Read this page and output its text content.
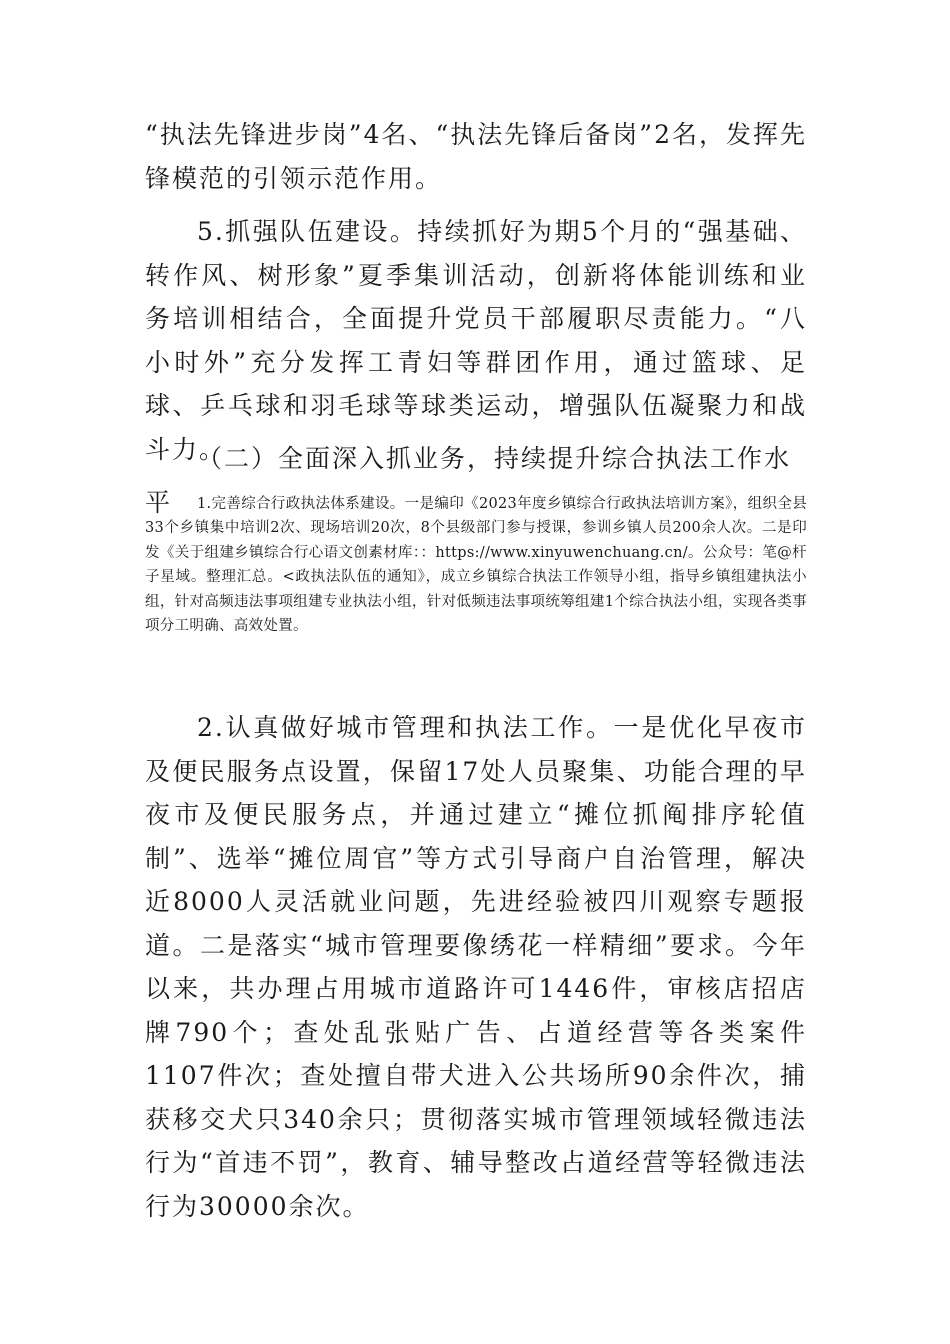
“执法先锋进步岗”4名、“执法先锋后备岗”2名，发挥先锋模范的引领示范作用。

5.抓强队伍建设。持续抓好为期5个月的“强基础、转作风、树形象”夏季集训活动，创新将体能训练和业务培训相结合，全面提升党员干部履职尽责能力。“八小时外”充分发挥工青妇等群团作用，通过篮球、足球、乒乓球和羽毛球等球类运动，增强队伍凝聚力和战斗力。

（二）全面深入抓业务，持续提升综合执法工作水平	1.完善综合行政执法体系建设。一是编印《2023年度乡镇综合行政执法培训方案》，组织全县33个乡镇集中培训2次、现场培训20次，8个县级部门参与授课，参训乡镇人员200余人次。二是印发《关于组建乡镇综合行心语文创素材库：：https://www.xinyuwenchuang.cn/。公众号：笔@杆子星域。整理汇总。<政执法队伍的通知》，成立乡镇综合执法工作领导小组，指导乡镇组建执法小组，针对高频违法事项组建专业执法小组，针对低频违法事项统筹组建1个综合执法小组，实现各类事项分工明确、高效处置。

2.认真做好城市管理和执法工作。一是优化早夜市及便民服务点设置，保留17处人员聚集、功能合理的早夜市及便民服务点，并通过建立“摊位抓阄排序轮值制”、选举“摊位周官”等方式引导商户自治管理，解决近8000人灵活就业问题，先进经验被四川观察专题报道。二是落实“城市管理要像绣花一样精细”要求。今年以来，共办理占用城市道路许可1446件，审核店招店牌790个；查处乱张贴广告、占道经营等各类案件1107件次；查处擅自带犬进入公共场所90余件次，捕获移交犬只340余只；贯彻落实城市管理领域轻微违法行为“首违不罚”，教育、辅导整改占道经营等轻微违法行为30000余次。
